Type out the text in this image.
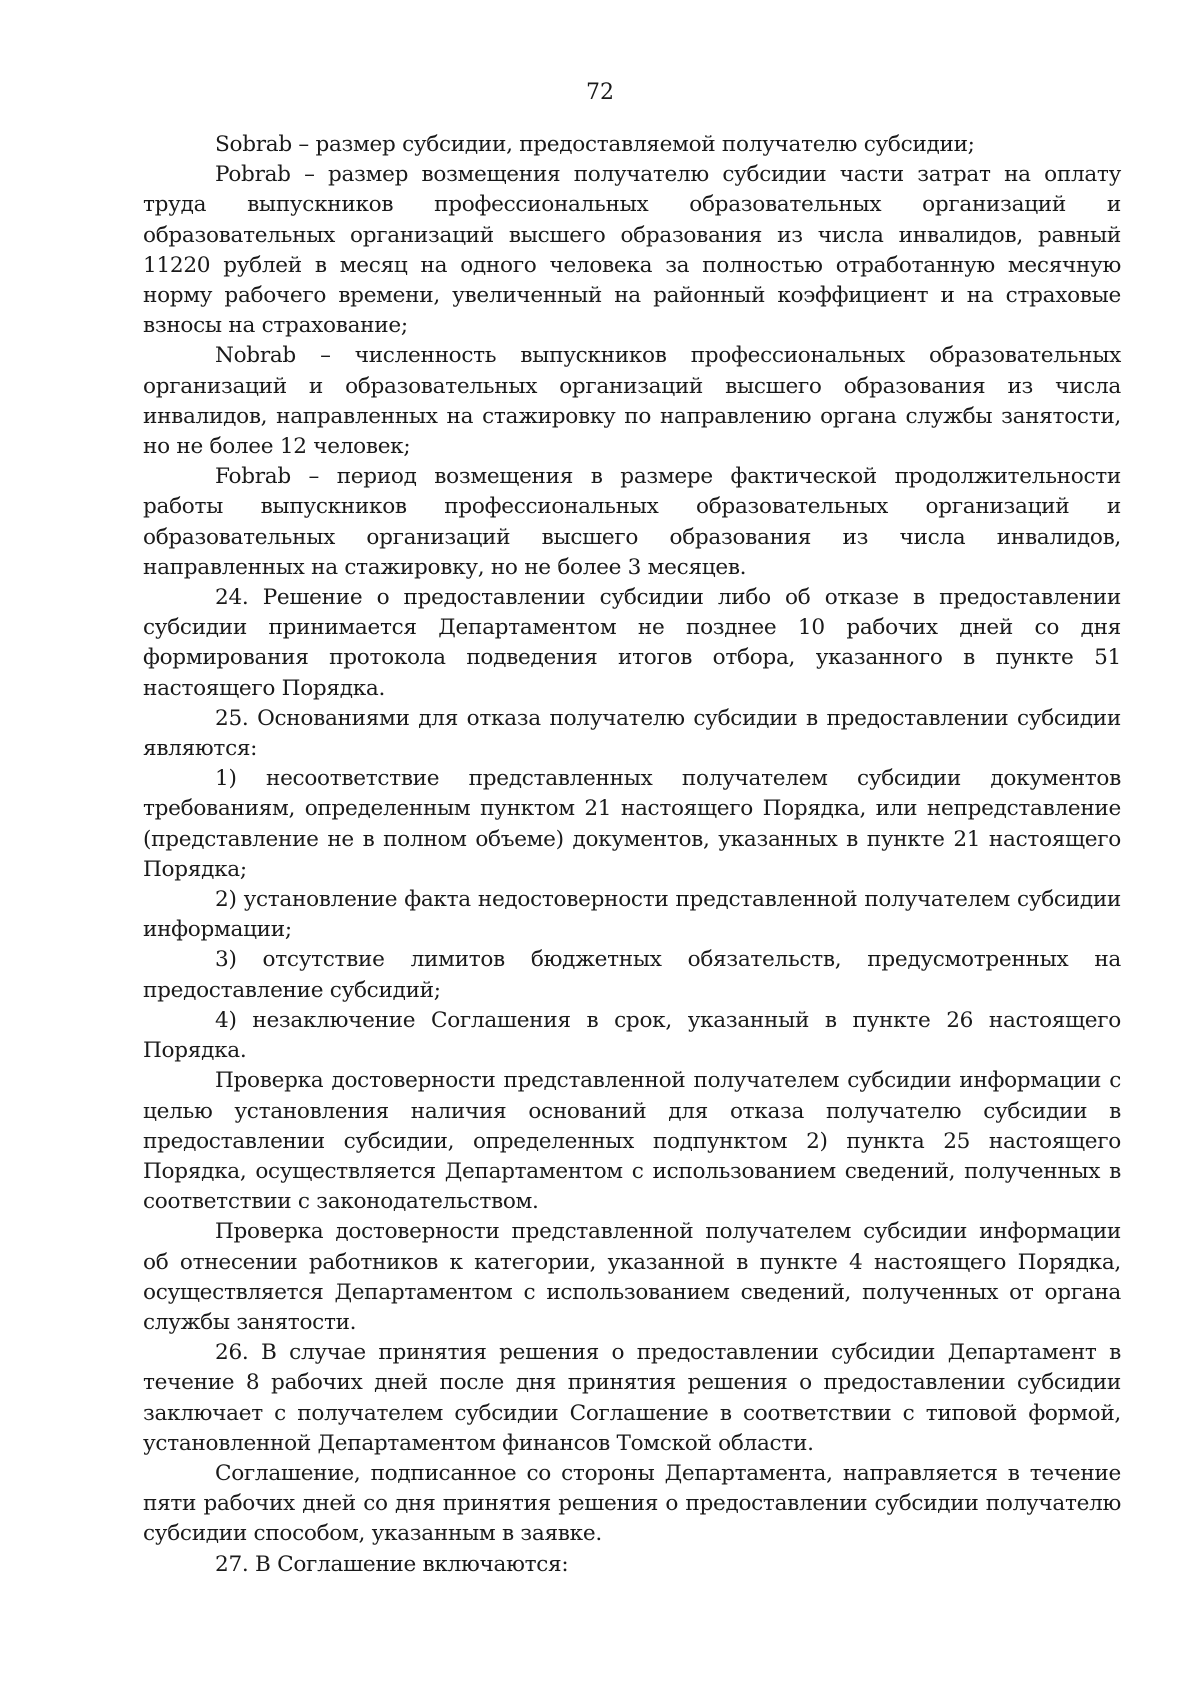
72

Sobrab – размер субсидии, предоставляемой получателю субсидии;

Pobrab – размер возмещения получателю субсидии части затрат на оплату труда выпускников профессиональных образовательных организаций и образовательных организаций высшего образования из числа инвалидов, равный 11220 рублей в месяц на одного человека за полностью отработанную месячную норму рабочего времени, увеличенный на районный коэффициент и на страховые взносы на страхование;

Nobrab – численность выпускников профессиональных образовательных организаций и образовательных организаций высшего образования из числа инвалидов, направленных на стажировку по направлению органа службы занятости, но не более 12 человек;

Fobrab – период возмещения в размере фактической продолжительности работы выпускников профессиональных образовательных организаций и образовательных организаций высшего образования из числа инвалидов, направленных на стажировку, но не более 3 месяцев.

24. Решение о предоставлении субсидии либо об отказе в предоставлении субсидии принимается Департаментом не позднее 10 рабочих дней со дня формирования протокола подведения итогов отбора, указанного в пункте 51 настоящего Порядка.

25. Основаниями для отказа получателю субсидии в предоставлении субсидии являются:

1) несоответствие представленных получателем субсидии документов требованиям, определенным пунктом 21 настоящего Порядка, или непредставление (представление не в полном объеме) документов, указанных в пункте 21 настоящего Порядка;

2) установление факта недостоверности представленной получателем субсидии информации;

3) отсутствие лимитов бюджетных обязательств, предусмотренных на предоставление субсидий;

4) незаключение Соглашения в срок, указанный в пункте 26 настоящего Порядка.

Проверка достоверности представленной получателем субсидии информации с целью установления наличия оснований для отказа получателю субсидии в предоставлении субсидии, определенных подпунктом 2) пункта 25 настоящего Порядка, осуществляется Департаментом с использованием сведений, полученных в соответствии с законодательством.

Проверка достоверности представленной получателем субсидии информации об отнесении работников к категории, указанной в пункте 4 настоящего Порядка, осуществляется Департаментом с использованием сведений, полученных от органа службы занятости.

26. В случае принятия решения о предоставлении субсидии Департамент в течение 8 рабочих дней после дня принятия решения о предоставлении субсидии заключает с получателем субсидии Соглашение в соответствии с типовой формой, установленной Департаментом финансов Томской области.

Соглашение, подписанное со стороны Департамента, направляется в течение пяти рабочих дней со дня принятия решения о предоставлении субсидии получателю субсидии способом, указанным в заявке.

27. В Соглашение включаются:
